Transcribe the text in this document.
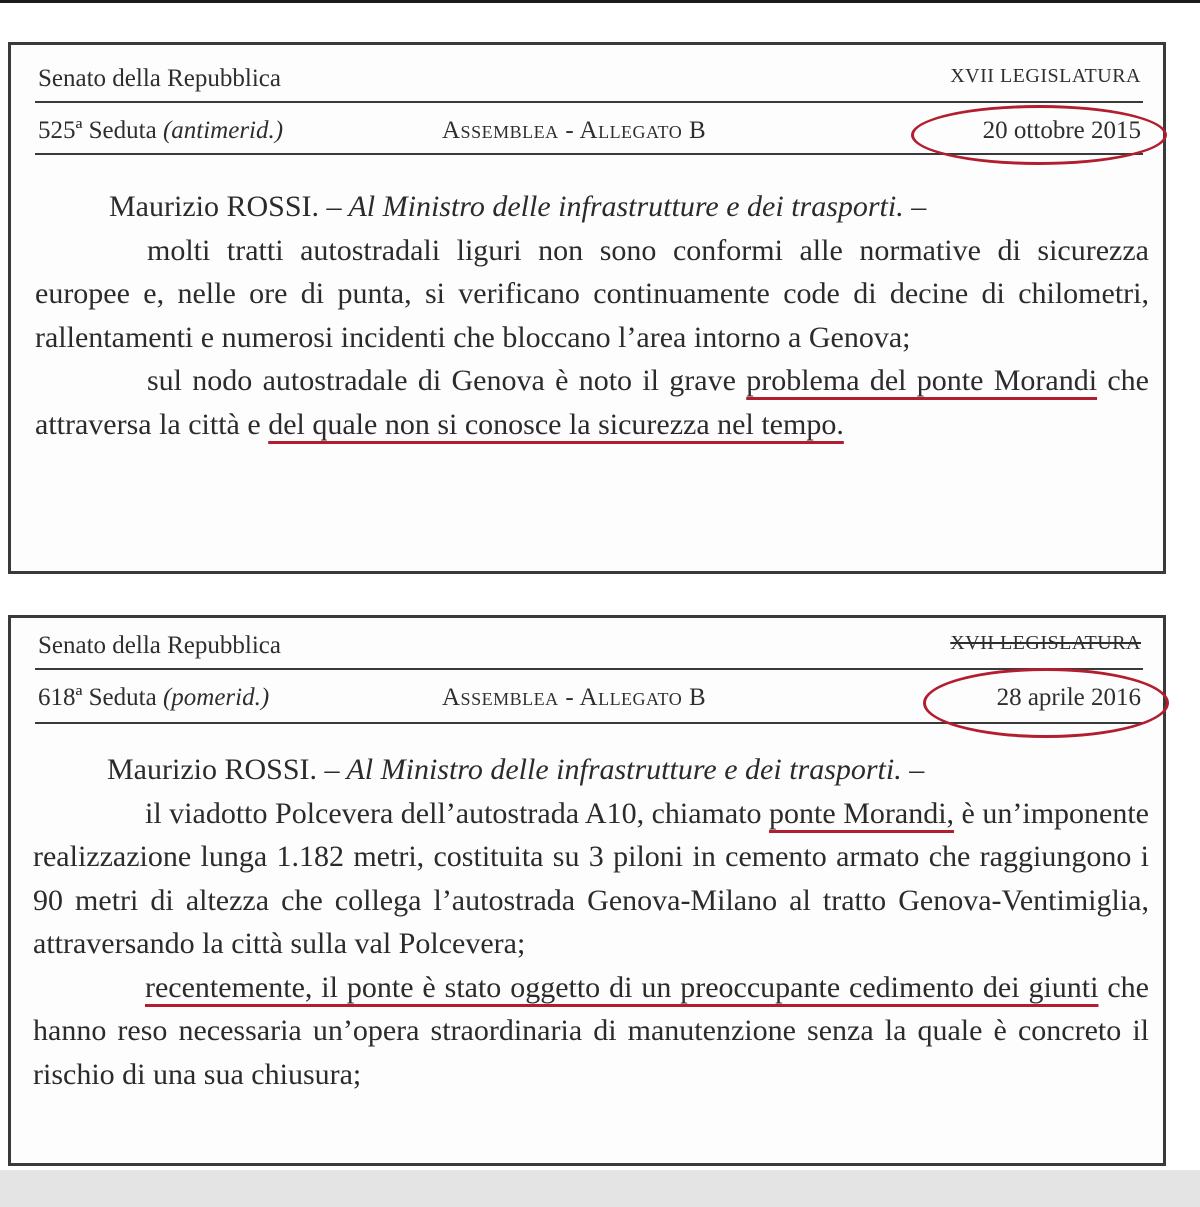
Senato della Repubblica	XVII LEGISLATURA
525ª Seduta (antimerid.)	Assemblea - Allegato B	20 ottobre 2015

Maurizio ROSSI. – Al Ministro delle infrastrutture e dei trasporti. –

molti tratti autostradali liguri non sono conformi alle normative di sicurezza europee e, nelle ore di punta, si verificano continuamente code di decine di chilometri, rallentamenti e numerosi incidenti che bloccano l’area intorno a Genova;

sul nodo autostradale di Genova è noto il grave problema del ponte Morandi che attraversa la città e del quale non si conosce la sicurezza nel tempo.

Senato della Repubblica	XVII LEGISLATURA
618ª Seduta (pomerid.)	Assemblea - Allegato B	28 aprile 2016

Maurizio ROSSI. – Al Ministro delle infrastrutture e dei trasporti. –

il viadotto Polcevera dell’autostrada A10, chiamato ponte Morandi, è un’imponente realizzazione lunga 1.182 metri, costituita su 3 piloni in cemento armato che raggiungono i 90 metri di altezza che collega l’autostrada Genova-Milano al tratto Genova-Ventimiglia, attraversando la città sulla val Polcevera;

recentemente, il ponte è stato oggetto di un preoccupante cedimento dei giunti che hanno reso necessaria un’opera straordinaria di manutenzione senza la quale è concreto il rischio di una sua chiusura;
